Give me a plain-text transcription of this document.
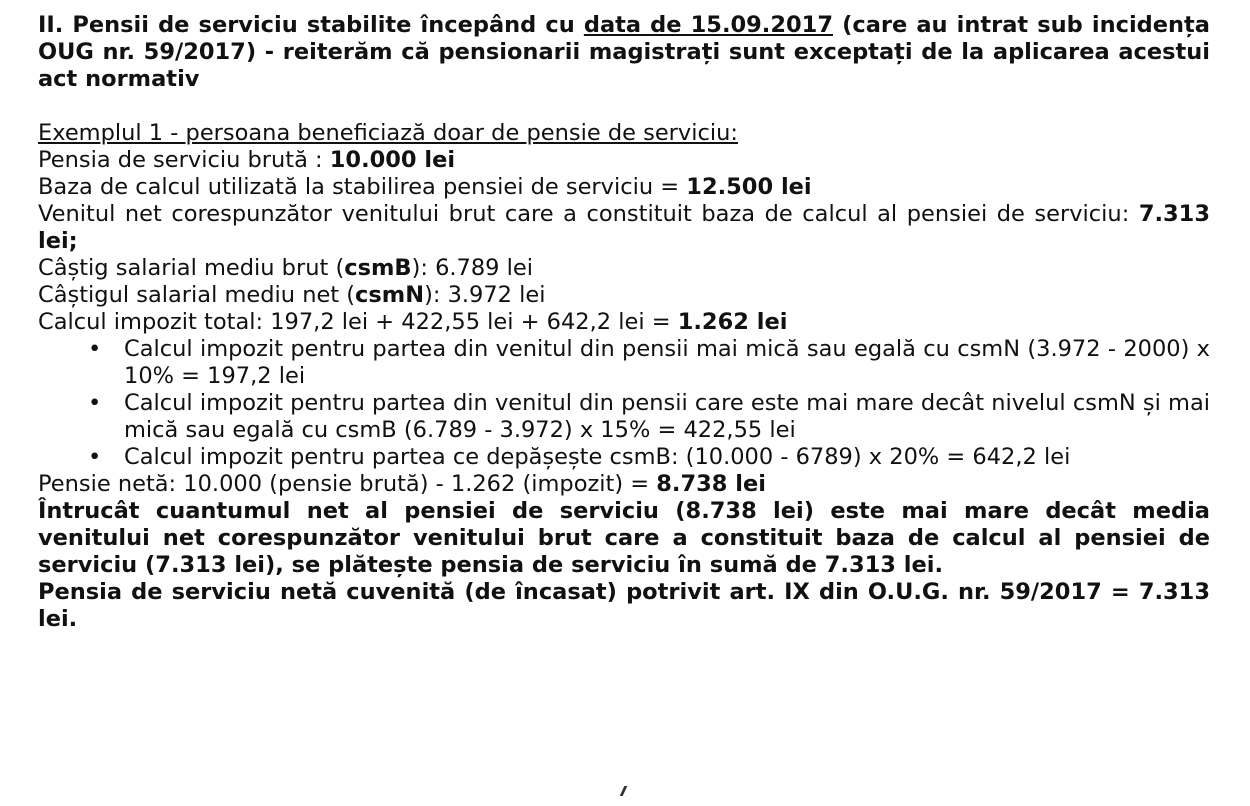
II. Pensii de serviciu stabilite începând cu data de 15.09.2017 (care au intrat sub incidența OUG nr. 59/2017) - reiterăm că pensionarii magistrați sunt exceptați de la aplicarea acestui act normativ

Exemplul 1 - persoana beneficiază doar de pensie de serviciu:

Pensia de serviciu brută : 10.000 lei

Baza de calcul utilizată la stabilirea pensiei de serviciu = 12.500 lei

Venitul net corespunzător venitului brut care a constituit baza de calcul al pensiei de serviciu: 7.313 lei;

Câștig salarial mediu brut (csmB): 6.789 lei

Câștigul salarial mediu net (csmN): 3.972 lei

Calcul impozit total: 197,2 lei + 422,55 lei + 642,2 lei = 1.262 lei

• Calcul impozit pentru partea din venitul din pensii mai mică sau egală cu csmN (3.972 - 2000) x 10% = 197,2 lei
• Calcul impozit pentru partea din venitul din pensii care este mai mare decât nivelul csmN și mai mică sau egală cu csmB (6.789 - 3.972) x 15% = 422,55 lei
• Calcul impozit pentru partea ce depășește csmB: (10.000 - 6789) x 20% = 642,2 lei

Pensie netă: 10.000 (pensie brută) - 1.262 (impozit) = 8.738 lei

Întrucât cuantumul net al pensiei de serviciu (8.738 lei) este mai mare decât media venitului net corespunzător venitului brut care a constituit baza de calcul al pensiei de serviciu (7.313 lei), se plătește pensia de serviciu în sumă de 7.313 lei.

Pensia de serviciu netă cuvenită (de încasat) potrivit art. IX din O.U.G. nr. 59/2017 = 7.313 lei.
